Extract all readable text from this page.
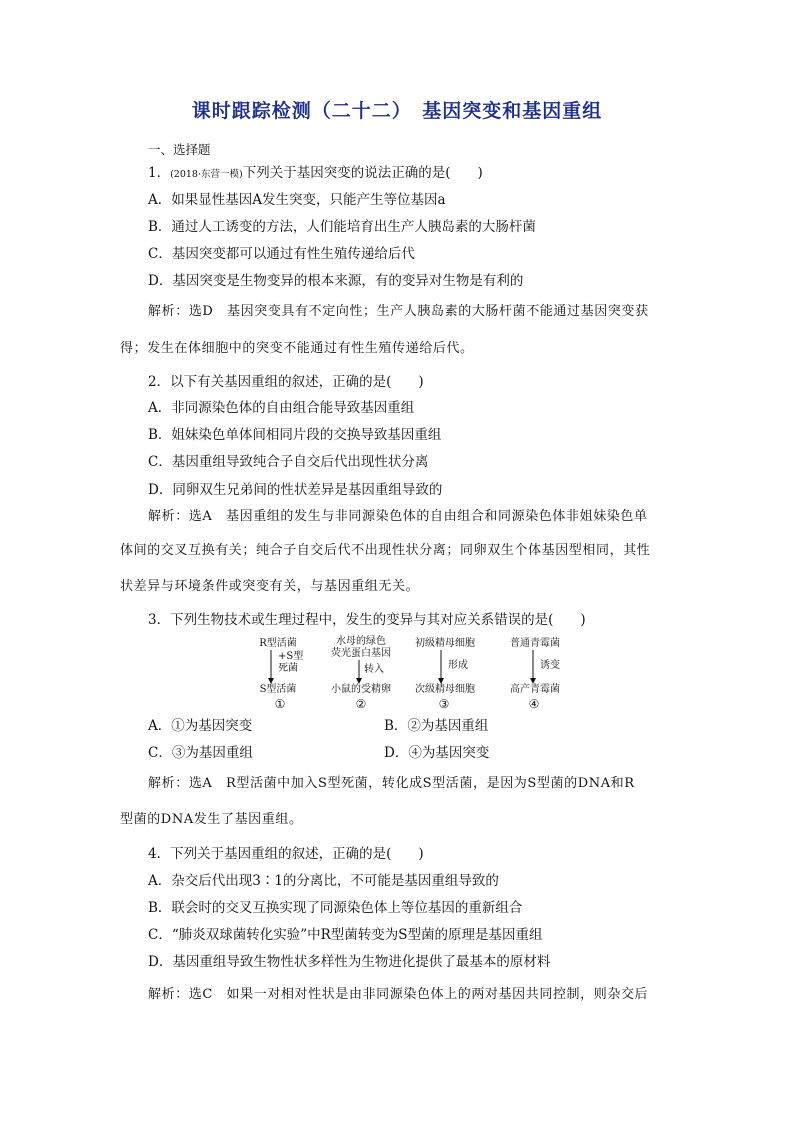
课时跟踪检测（二十二）　基因突变和基因重组
一、选择题
1．(2018·东营一模)下列关于基因突变的说法正确的是(　　)
A．如果显性基因A发生突变，只能产生等位基因a
B．通过人工诱变的方法，人们能培育出生产人胰岛素的大肠杆菌
C．基因突变都可以通过有性生殖传递给后代
D．基因突变是生物变异的根本来源，有的变异对生物是有利的
解析：选D　基因突变具有不定向性；生产人胰岛素的大肠杆菌不能通过基因突变获
得；发生在体细胞中的突变不能通过有性生殖传递给后代。
2．以下有关基因重组的叙述，正确的是(　　)
A．非同源染色体的自由组合能导致基因重组
B．姐妹染色单体间相同片段的交换导致基因重组
C．基因重组导致纯合子自交后代出现性状分离
D．同卵双生兄弟间的性状差异是基因重组导致的
解析：选A　基因重组的发生与非同源染色体的自由组合和同源染色体非姐妹染色单
体间的交叉互换有关；纯合子自交后代不出现性状分离；同卵双生个体基因型相同，其性
状差异与环境条件或突变有关，与基因重组无关。
3．下列生物技术或生理过程中，发生的变异与其对应关系错误的是(　　)
R型活菌
+S型
死菌
S型活菌
①
水母的绿色
荧光蛋白基因
转入
小鼠的受精卵
②
初级精母细胞
形成
次级精母细胞
③
普通青霉菌
诱变
高产青霉菌
④
A．①为基因突变	B．②为基因重组
C．③为基因重组	D．④为基因突变
解析：选A　R型活菌中加入S型死菌，转化成S型活菌，是因为S型菌的DNA和R
型菌的DNA发生了基因重组。
4．下列关于基因重组的叙述，正确的是(　　)
A．杂交后代出现3∶1的分离比，不可能是基因重组导致的
B．联会时的交叉互换实现了同源染色体上等位基因的重新组合
C．“肺炎双球菌转化实验”中R型菌转变为S型菌的原理是基因重组
D．基因重组导致生物性状多样性为生物进化提供了最基本的原材料
解析：选C　如果一对相对性状是由非同源染色体上的两对基因共同控制，则杂交后
